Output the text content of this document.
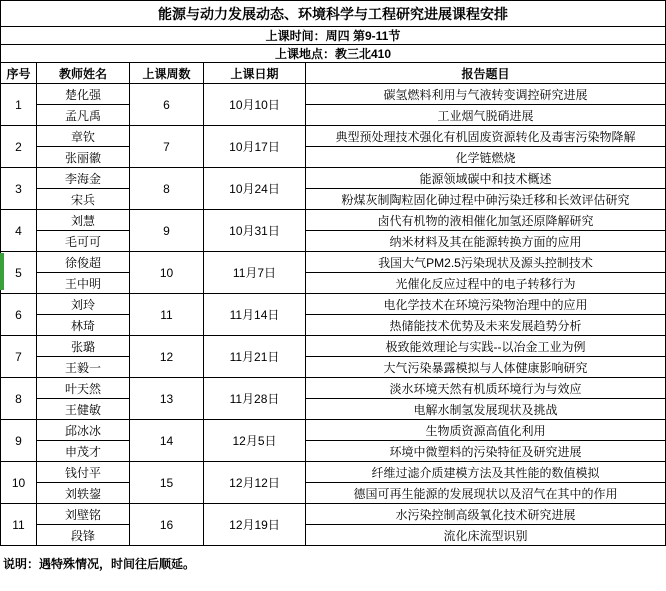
能源与动力发展动态、环境科学与工程研究进展课程安排				
上课时间：周四 第9-11节				
上课地点：教三北410				
序号	教师姓名	上课周数	上课日期	报告题目
1	楚化强	6	10月10日	碳氢燃料利用与气液转变调控研究进展
	孟凡禹			工业烟气脱硝进展
2	章钦	7	10月17日	典型预处理技术强化有机固废资源转化及毒害污染物降解
	张丽徽			化学链燃烧
3	李海金	8	10月24日	能源领域碳中和技术概述
	宋兵			粉煤灰制陶粒固化砷过程中砷污染迁移和长效评估研究
4	刘慧	9	10月31日	卤代有机物的液相催化加氢还原降解研究
	毛可可			纳米材料及其在能源转换方面的应用
5	徐俊超	10	11月7日	我国大气PM2.5污染现状及源头控制技术
	王中明			光催化反应过程中的电子转移行为
6	刘玲	11	11月14日	电化学技术在环境污染物治理中的应用
	林琦			热储能技术优势及未来发展趋势分析
7	张璐	12	11月21日	极致能效理论与实践--以冶金工业为例
	王毅一			大气污染暴露模拟与人体健康影响研究
8	叶天然	13	11月28日	淡水环境天然有机质环境行为与效应
	王健敏			电解水制氢发展现状及挑战
9	邱冰冰	14	12月5日	生物质资源高值化利用
	申茂才			环境中微塑料的污染特征及研究进展
10	钱付平	15	12月12日	纤维过滤介质建模方法及其性能的数值模拟
	刘轶鋆			德国可再生能源的发展现状以及沼气在其中的作用
11	刘壁铭	16	12月19日	水污染控制高级氧化技术研究进展
	段锋			流化床流型识别
说明：遇特殊情况，时间往后顺延。
